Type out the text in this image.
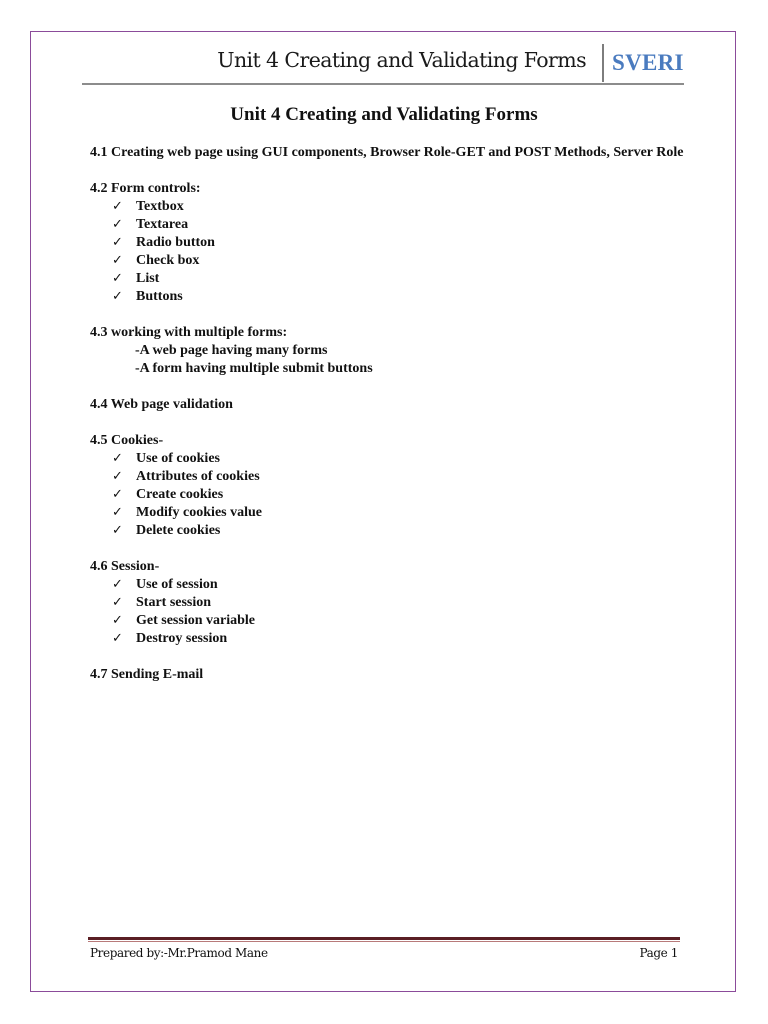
Unit 4 Creating and Validating Forms SVERI
Unit 4 Creating and Validating Forms

4.1 Creating web page using GUI components, Browser Role-GET and POST Methods, Server Role

4.2 Form controls:

✓ Textbox
✓ Textarea
✓ Radio button
✓ Check box
✓ List
✓ Buttons

4.3 working with multiple forms:

-A web page having many forms
-A form having multiple submit buttons

4.4 Web page validation

4.5 Cookies-

✓ Use of cookies
✓ Attributes of cookies
✓ Create cookies
✓ Modify cookies value
✓ Delete cookies

4.6 Session-

✓ Use of session
✓ Start session
✓ Get session variable
✓ Destroy session

4.7 Sending E-mail

Prepared by:-Mr.Pramod Mane	Page 1
